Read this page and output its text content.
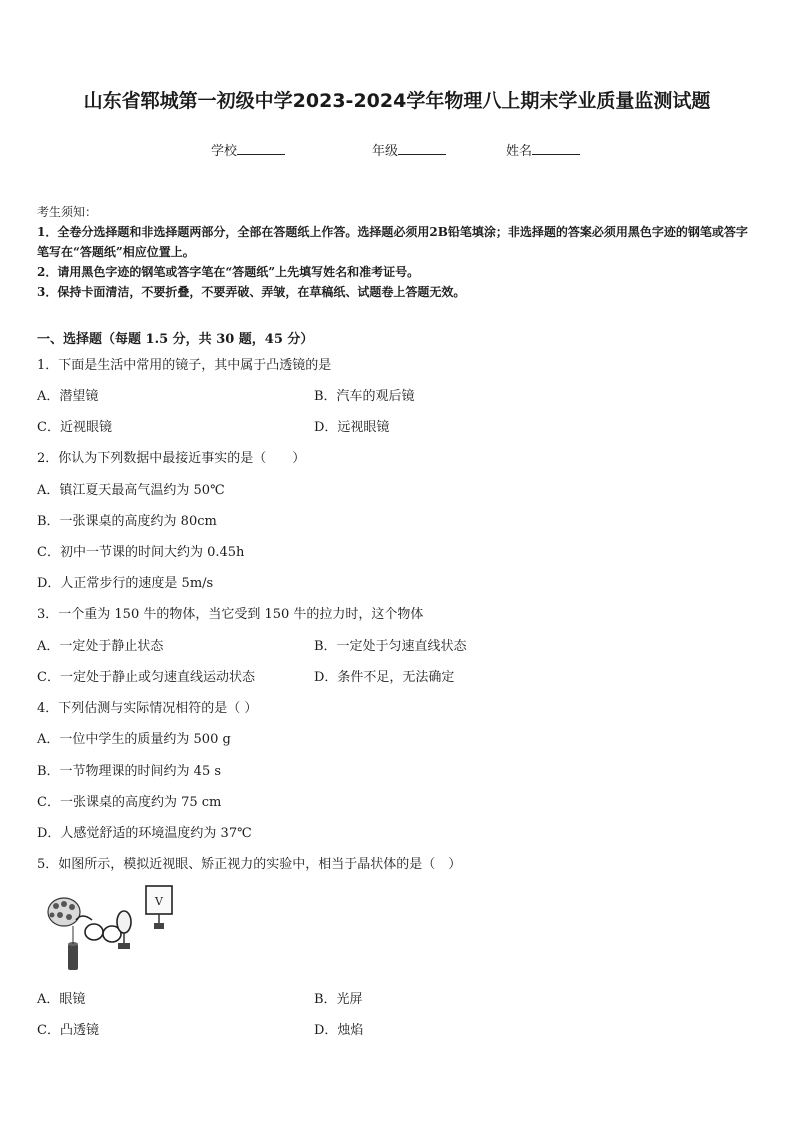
山东省郓城第一初级中学2023-2024学年物理八上期末学业质量监测试题
学校	年级	姓名
考生须知：
1．全卷分选择题和非选择题两部分，全部在答题纸上作答。选择题必须用2B铅笔填涂；非选择题的答案必须用黑色字迹的钢笔或答字笔写在“答题纸”相应位置上。
2．请用黑色字迹的钢笔或答字笔在“答题纸”上先填写姓名和准考证号。
3．保持卡面清洁，不要折叠，不要弄破、弄皱，在草稿纸、试题卷上答题无效。
一、选择题（每题 1.5 分，共 30 题，45 分）
1．下面是生活中常用的镜子，其中属于凸透镜的是
A．潜望镜	B．汽车的观后镜
C．近视眼镜	D．远视眼镜
2．你认为下列数据中最接近事实的是（　　）
A．镇江夏天最高气温约为 50℃
B．一张课桌的高度约为 80cm
C．初中一节课的时间大约为 0.45h
D．人正常步行的速度是 5m/s
3．一个重为 150 牛的物体，当它受到 150 牛的拉力时，这个物体
A．一定处于静止状态	B．一定处于匀速直线状态
C．一定处于静止或匀速直线运动状态	D．条件不足，无法确定
4．下列估测与实际情况相符的是（ ）
A．一位中学生的质量约为 500 g
B．一节物理课的时间约为 45 s
C．一张课桌的高度约为 75 cm
D．人感觉舒适的环境温度约为 37℃
5．如图所示，模拟近视眼、矫正视力的实验中，相当于晶状体的是（　）
V
A．眼镜	B．光屏
C．凸透镜	D．烛焰
